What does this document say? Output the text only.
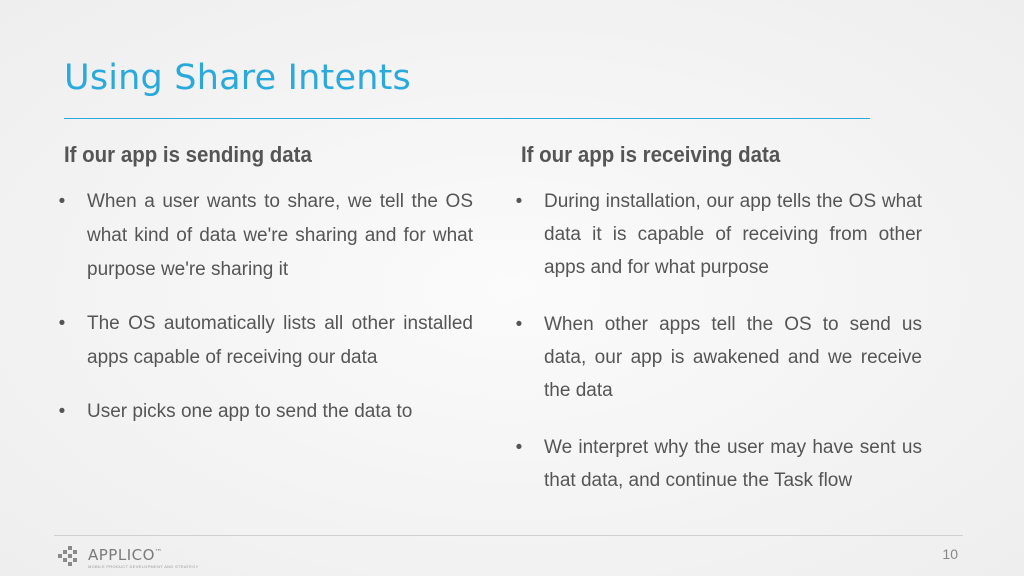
Using Share Intents
If our app is sending data
• When a user wants to share, we tell the OS what kind of data we're sharing and for what purpose we're sharing it
• The OS automatically lists all other installed apps capable of receiving our data
• User picks one app to send the data to
If our app is receiving data
• During installation, our app tells the OS what data it is capable of receiving from other apps and for what purpose
• When other apps tell the OS to send us data, our app is awakened and we receive the data
• We interpret why the user may have sent us that data, and continue the Task flow
APPLICO™
MOBILE PRODUCT DEVELOPMENT AND STRATEGY
10
